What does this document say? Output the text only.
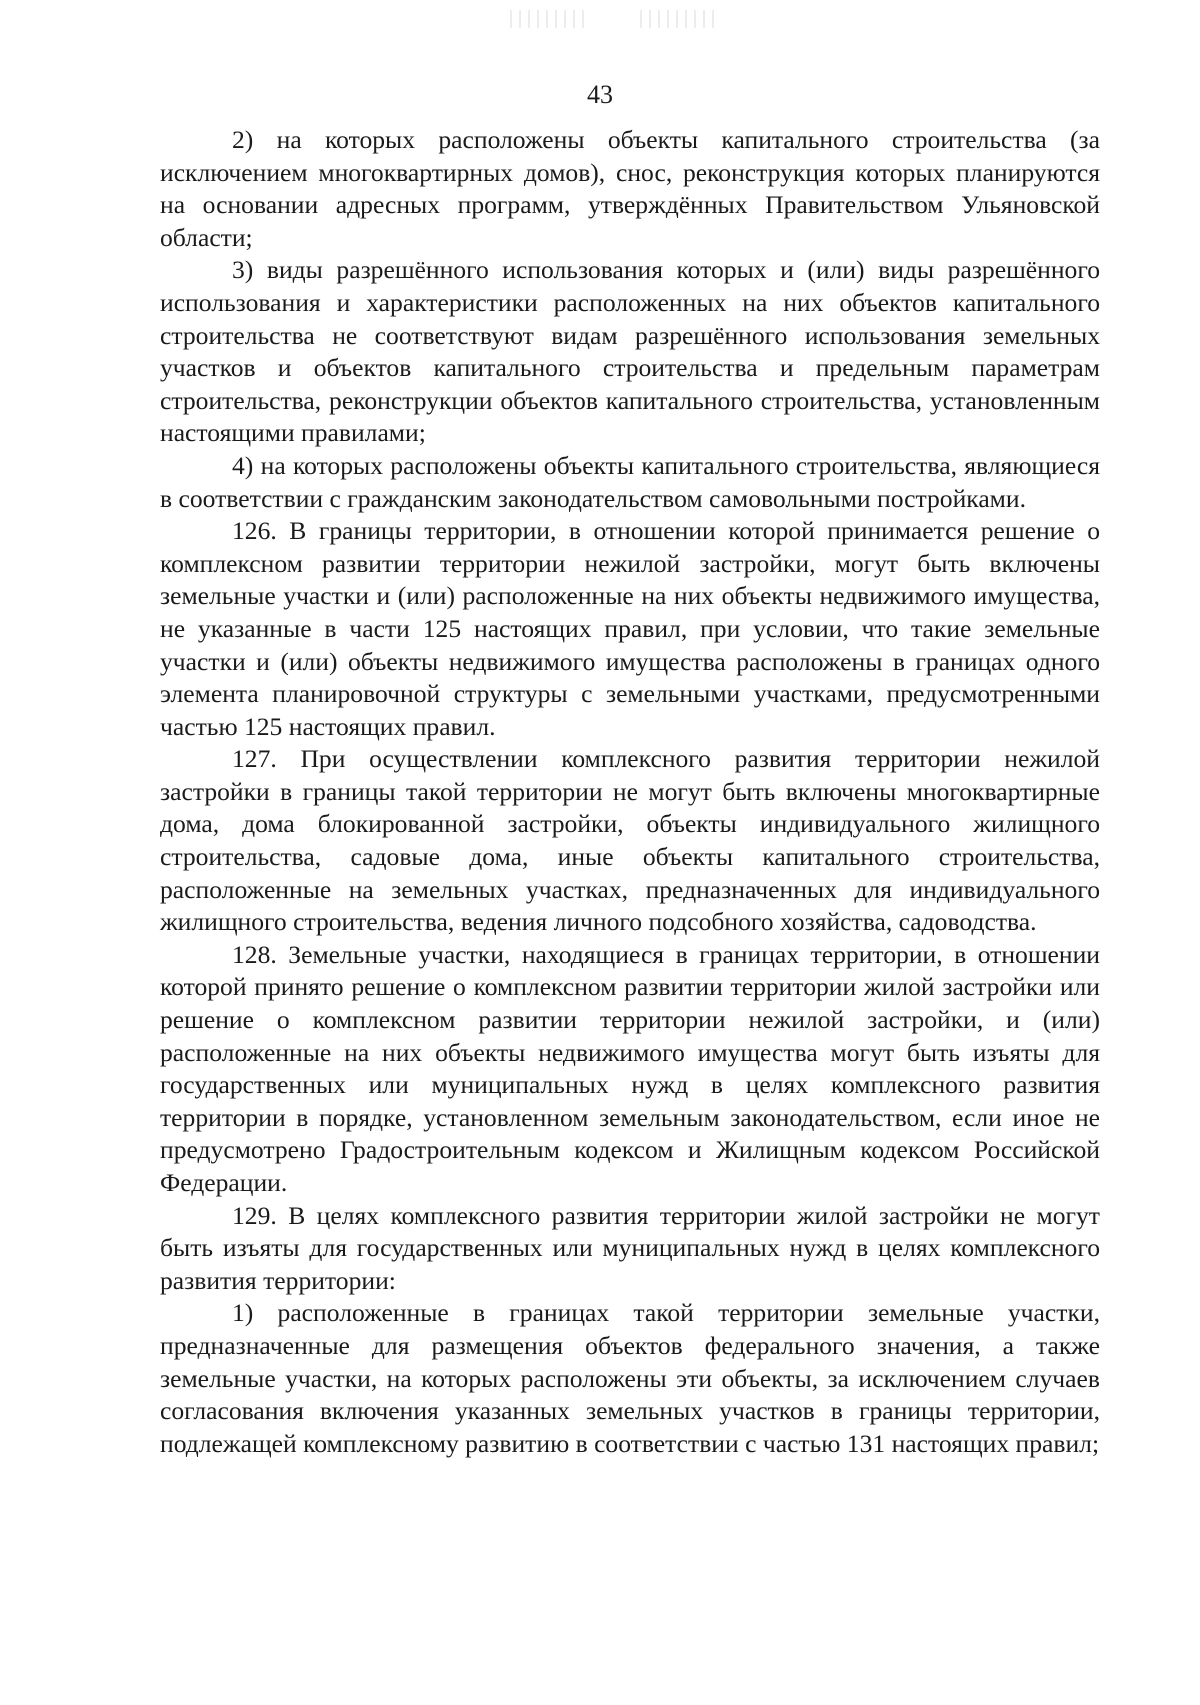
43

2) на которых расположены объекты капитального строительства (за исключением многоквартирных домов), снос, реконструкция которых планируются на основании адресных программ, утверждённых Правительством Ульяновской области;

3) виды разрешённого использования которых и (или) виды разрешённого использования и характеристики расположенных на них объектов капитального строительства не соответствуют видам разрешённого использования земельных участков и объектов капитального строительства и предельным параметрам строительства, реконструкции объектов капитального строительства, установленным настоящими правилами;

4) на которых расположены объекты капитального строительства, являющиеся в соответствии с гражданским законодательством самовольными постройками.

126. В границы территории, в отношении которой принимается решение о комплексном развитии территории нежилой застройки, могут быть включены земельные участки и (или) расположенные на них объекты недвижимого имущества, не указанные в части 125 настоящих правил, при условии, что такие земельные участки и (или) объекты недвижимого имущества расположены в границах одного элемента планировочной структуры с земельными участками, предусмотренными частью 125 настоящих правил.

127. При осуществлении комплексного развития территории нежилой застройки в границы такой территории не могут быть включены многоквартирные дома, дома блокированной застройки, объекты индивидуального жилищного строительства, садовые дома, иные объекты капитального строительства, расположенные на земельных участках, предназначенных для индивидуального жилищного строительства, ведения личного подсобного хозяйства, садоводства.

128. Земельные участки, находящиеся в границах территории, в отношении которой принято решение о комплексном развитии территории жилой застройки или решение о комплексном развитии территории нежилой застройки, и (или) расположенные на них объекты недвижимого имущества могут быть изъяты для государственных или муниципальных нужд в целях комплексного развития территории в порядке, установленном земельным законодательством, если иное не предусмотрено Градостроительным кодексом и Жилищным кодексом Российской Федерации.

129. В целях комплексного развития территории жилой застройки не могут быть изъяты для государственных или муниципальных нужд в целях комплексного развития территории:

1) расположенные в границах такой территории земельные участки, предназначенные для размещения объектов федерального значения, а также земельные участки, на которых расположены эти объекты, за исключением случаев согласования включения указанных земельных участков в границы территории, подлежащей комплексному развитию в соответствии с частью 131 настоящих правил;
